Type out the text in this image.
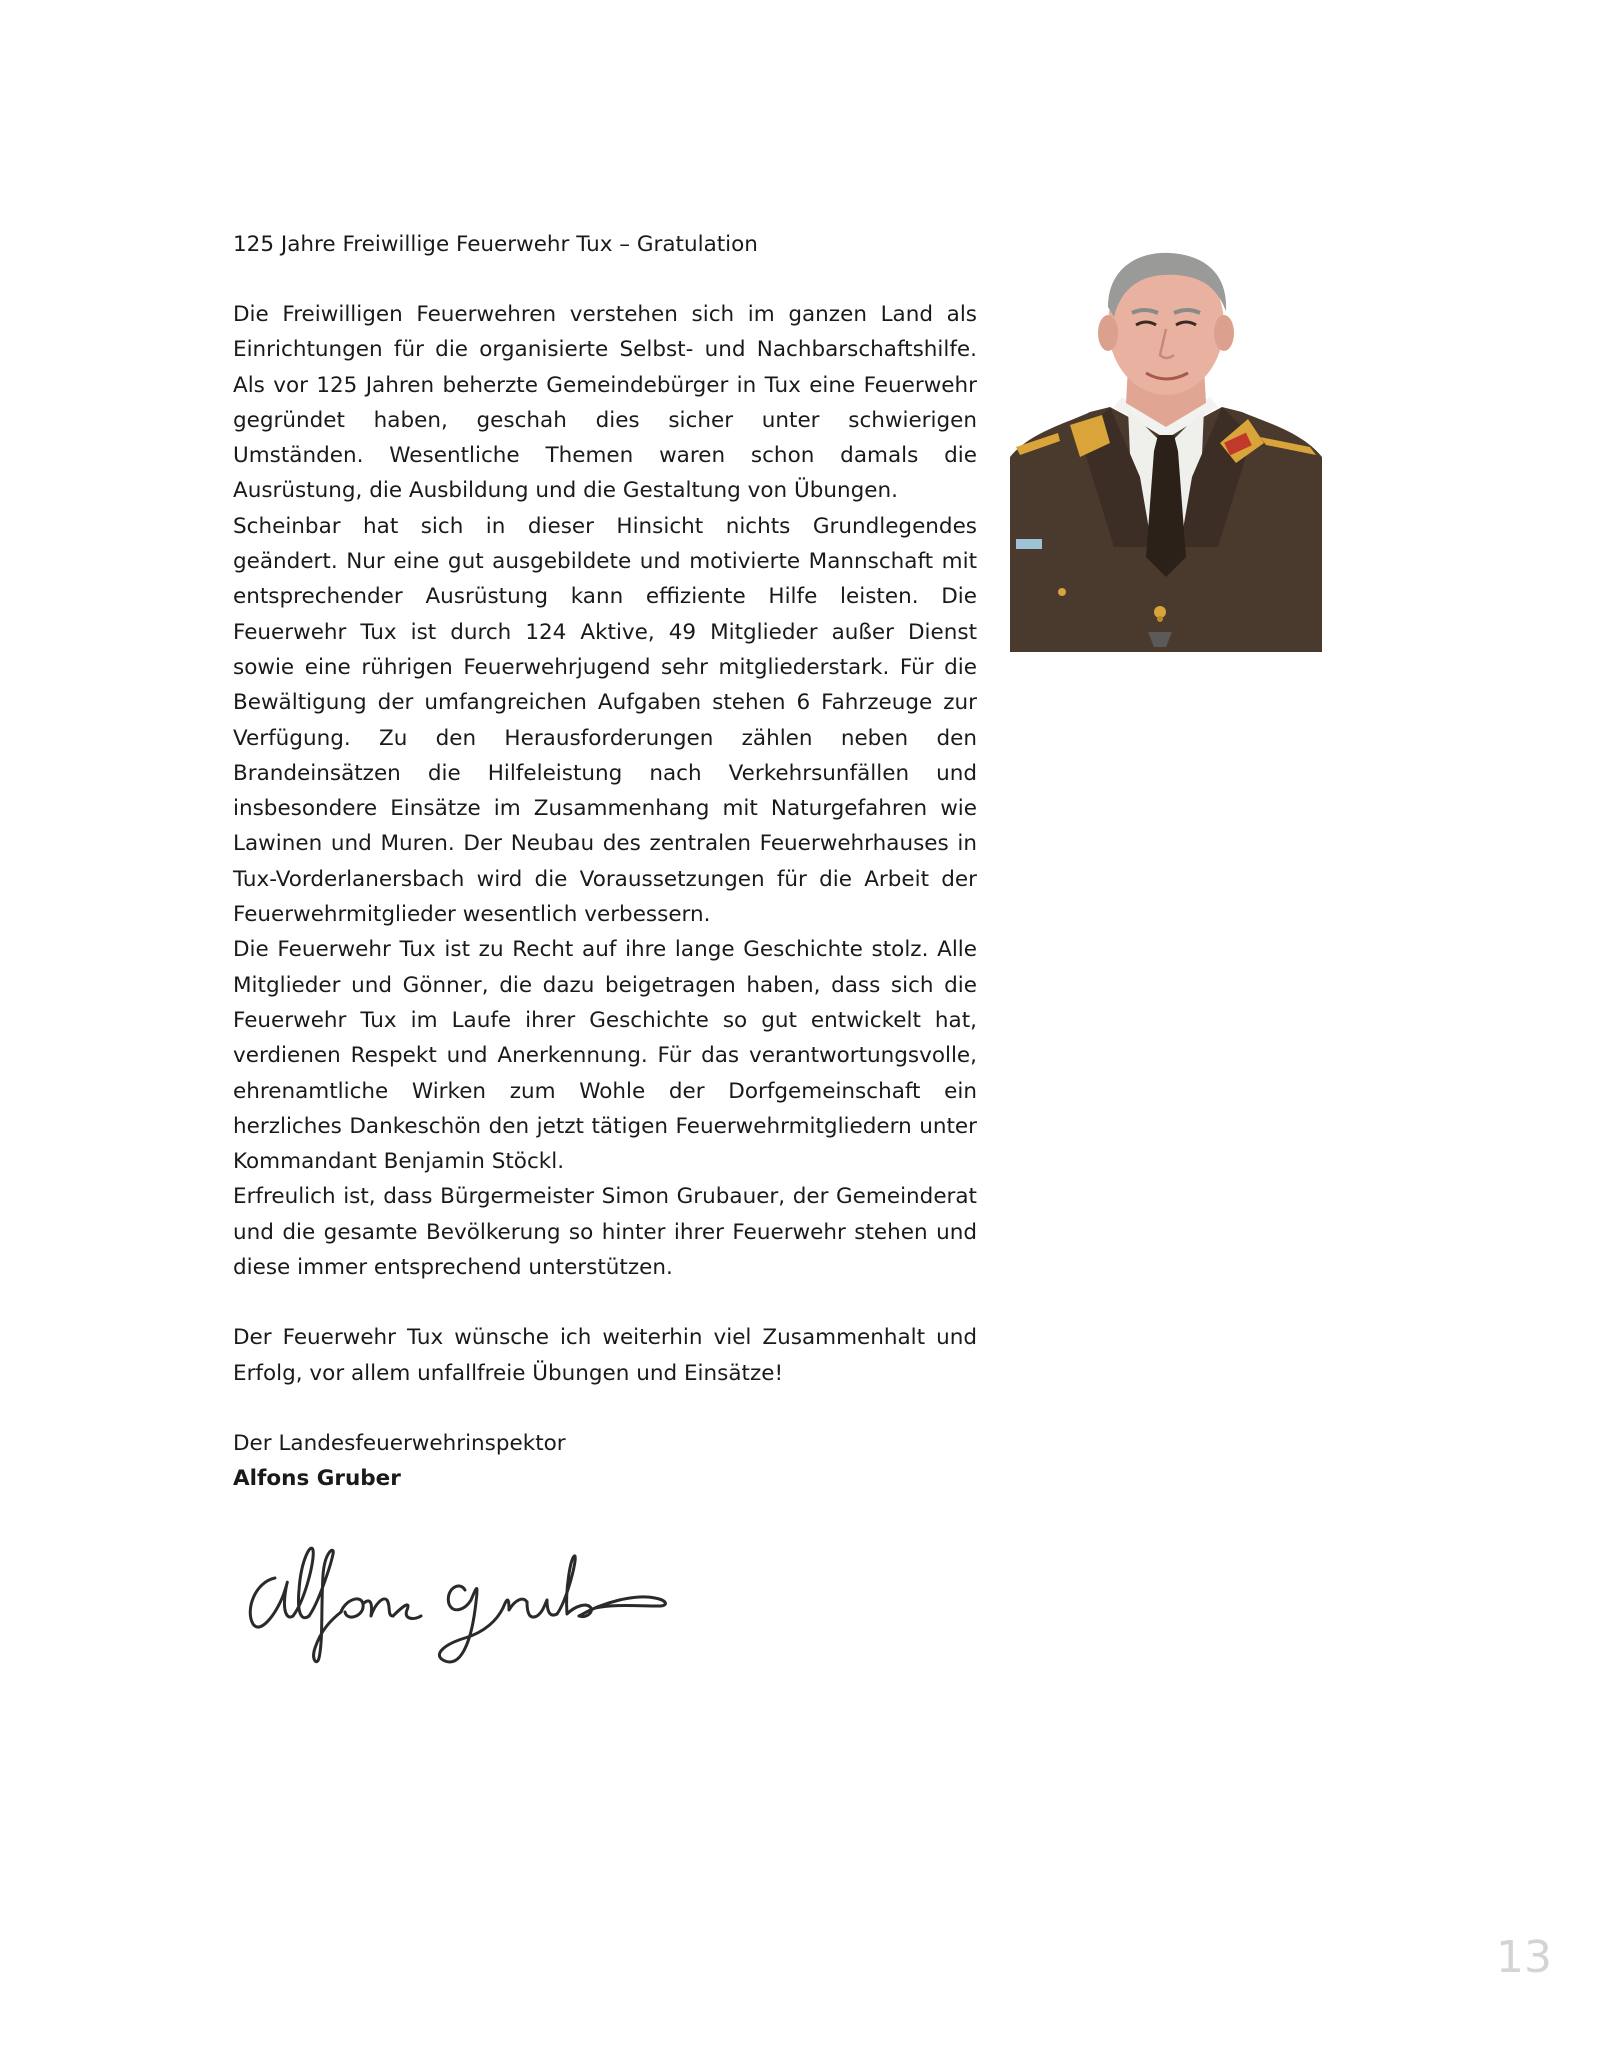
125 Jahre Freiwillige Feuerwehr Tux – Gratulation

Die Freiwilligen Feuerwehren verstehen sich im ganzen Land als Einrichtungen für die organisierte Selbst- und Nachbarschaftshilfe. Als vor 125 Jahren beherzte Gemeindebürger in Tux eine Feuerwehr gegründet haben, geschah dies sicher unter schwierigen Umständen. Wesentliche Themen waren schon damals die Ausrüstung, die Ausbildung und die Gestaltung von Übungen.

Scheinbar hat sich in dieser Hinsicht nichts Grundlegendes geändert. Nur eine gut ausgebildete und motivierte Mannschaft mit entsprechender Ausrüstung kann effiziente Hilfe leisten. Die Feuerwehr Tux ist durch 124 Aktive, 49 Mitglieder außer Dienst sowie eine rührigen Feuerwehrjugend sehr mitgliederstark. Für die Bewältigung der umfangreichen Aufgaben stehen 6 Fahrzeuge zur Verfügung. Zu den Herausforderungen zählen neben den Brandeinsätzen die Hilfeleistung nach Verkehrsunfällen und insbesondere Einsätze im Zusammenhang mit Naturgefahren wie Lawinen und Muren. Der Neubau des zentralen Feuerwehrhauses in Tux-Vorderlanersbach wird die Voraussetzungen für die Arbeit der Feuerwehrmitglieder wesentlich verbessern.

Die Feuerwehr Tux ist zu Recht auf ihre lange Geschichte stolz. Alle Mitglieder und Gönner, die dazu beigetragen haben, dass sich die Feuerwehr Tux im Laufe ihrer Geschichte so gut entwickelt hat, verdienen Respekt und Anerkennung. Für das verantwortungsvolle, ehrenamtliche Wirken zum Wohle der Dorfgemeinschaft ein herzliches Dankeschön den jetzt tätigen Feuerwehrmitgliedern unter Kommandant Benjamin Stöckl.

Erfreulich ist, dass Bürgermeister Simon Grubauer, der Gemeinderat und die gesamte Bevölkerung so hinter ihrer Feuerwehr stehen und diese immer entsprechend unterstützen.

Der Feuerwehr Tux wünsche ich weiterhin viel Zusammenhalt und Erfolg, vor allem unfallfreie Übungen und Einsätze!

Der Landesfeuerwehrinspektor

Alfons Gruber

13
